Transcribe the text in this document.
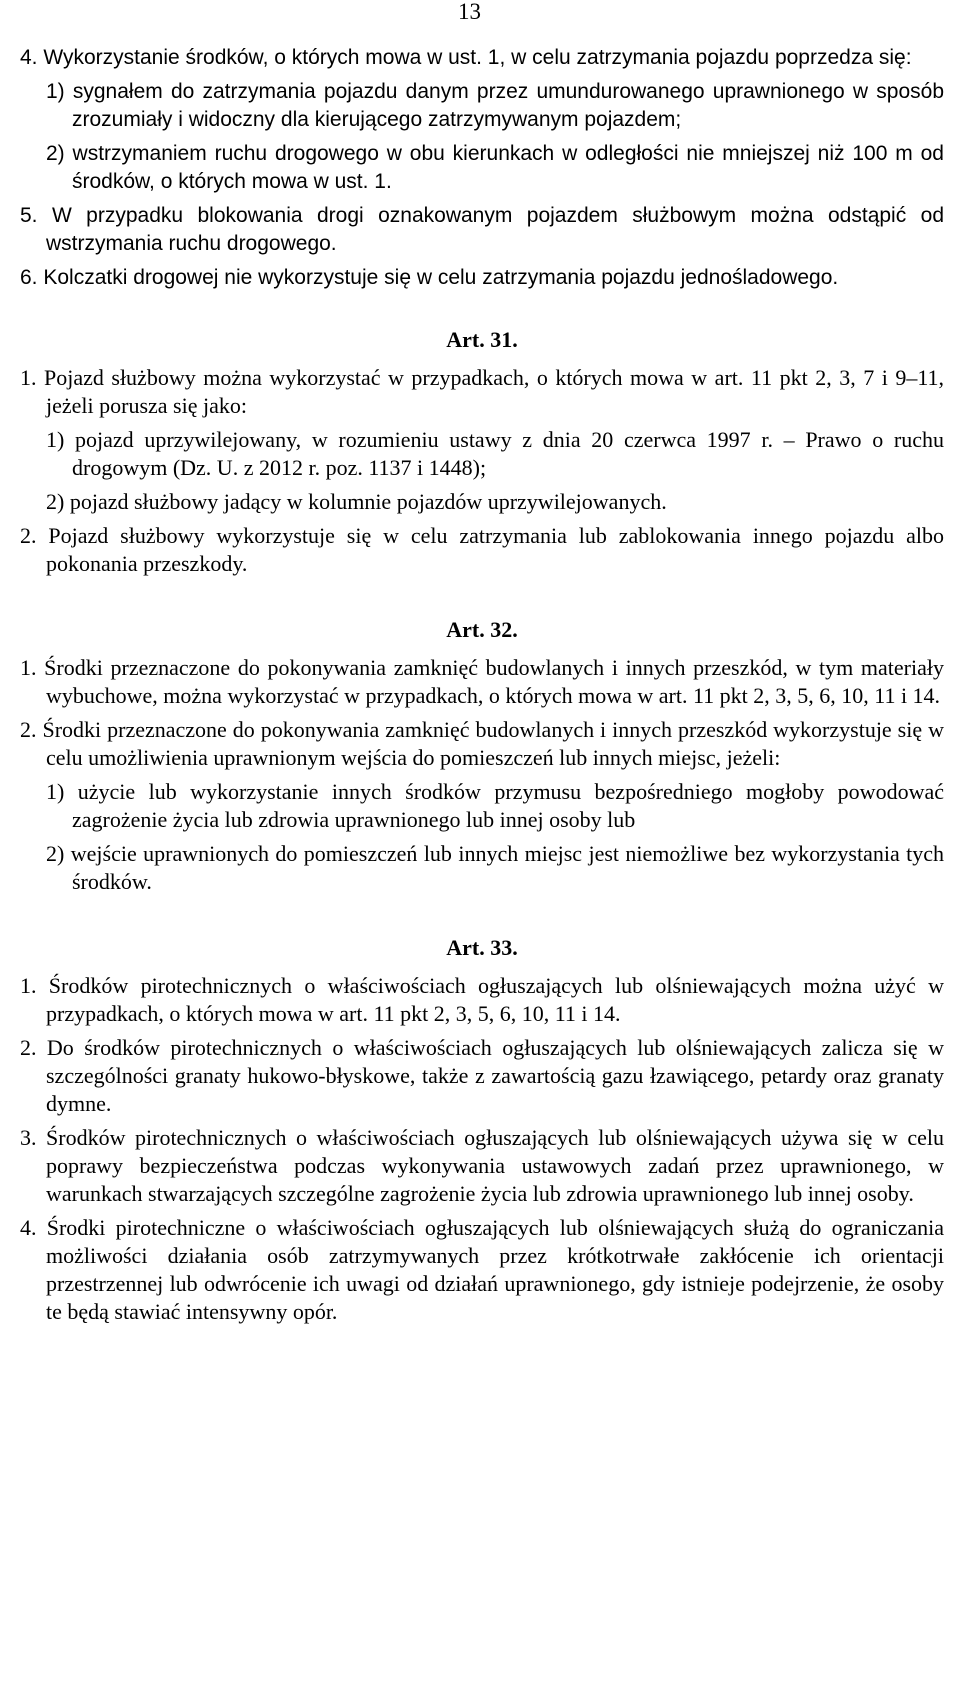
13

4. Wykorzystanie środków, o których mowa w ust. 1, w celu zatrzymania pojazdu poprzedza się:

1) sygnałem do zatrzymania pojazdu danym przez umundurowanego uprawnionego w sposób zrozumiały i widoczny dla kierującego zatrzymywanym pojazdem;

2) wstrzymaniem ruchu drogowego w obu kierunkach w odległości nie mniejszej niż 100 m od środków, o których mowa w ust. 1.

5. W przypadku blokowania drogi oznakowanym pojazdem służbowym można odstąpić od wstrzymania ruchu drogowego.

6. Kolczatki drogowej nie wykorzystuje się w celu zatrzymania pojazdu jednośladowego.

Art. 31.

1. Pojazd służbowy można wykorzystać w przypadkach, o których mowa w art. 11 pkt 2, 3, 7 i 9–11, jeżeli porusza się jako:

1) pojazd uprzywilejowany, w rozumieniu ustawy z dnia 20 czerwca 1997 r. – Prawo o ruchu drogowym (Dz. U. z 2012 r. poz. 1137 i 1448);

2) pojazd służbowy jadący w kolumnie pojazdów uprzywilejowanych.

2. Pojazd służbowy wykorzystuje się w celu zatrzymania lub zablokowania innego pojazdu albo pokonania przeszkody.

Art. 32.

1. Środki przeznaczone do pokonywania zamknięć budowlanych i innych przeszkód, w tym materiały wybuchowe, można wykorzystać w przypadkach, o których mowa w art. 11 pkt 2, 3, 5, 6, 10, 11 i 14.

2. Środki przeznaczone do pokonywania zamknięć budowlanych i innych przeszkód wykorzystuje się w celu umożliwienia uprawnionym wejścia do pomieszczeń lub innych miejsc, jeżeli:

1) użycie lub wykorzystanie innych środków przymusu bezpośredniego mogłoby powodować zagrożenie życia lub zdrowia uprawnionego lub innej osoby lub

2) wejście uprawnionych do pomieszczeń lub innych miejsc jest niemożliwe bez wykorzystania tych środków.

Art. 33.

1. Środków pirotechnicznych o właściwościach ogłuszających lub olśniewających można użyć w przypadkach, o których mowa w art. 11 pkt 2, 3, 5, 6, 10, 11 i 14.

2. Do środków pirotechnicznych o właściwościach ogłuszających lub olśniewających zalicza się w szczególności granaty hukowo-błyskowe, także z zawartością gazu łzawiącego, petardy oraz granaty dymne.

3. Środków pirotechnicznych o właściwościach ogłuszających lub olśniewających używa się w celu poprawy bezpieczeństwa podczas wykonywania ustawowych zadań przez uprawnionego, w warunkach stwarzających szczególne zagrożenie życia lub zdrowia uprawnionego lub innej osoby.

4. Środki pirotechniczne o właściwościach ogłuszających lub olśniewających służą do ograniczania możliwości działania osób zatrzymywanych przez krótkotrwałe zakłócenie ich orientacji przestrzennej lub odwrócenie ich uwagi od działań uprawnionego, gdy istnieje podejrzenie, że osoby te będą stawiać intensywny opór.
